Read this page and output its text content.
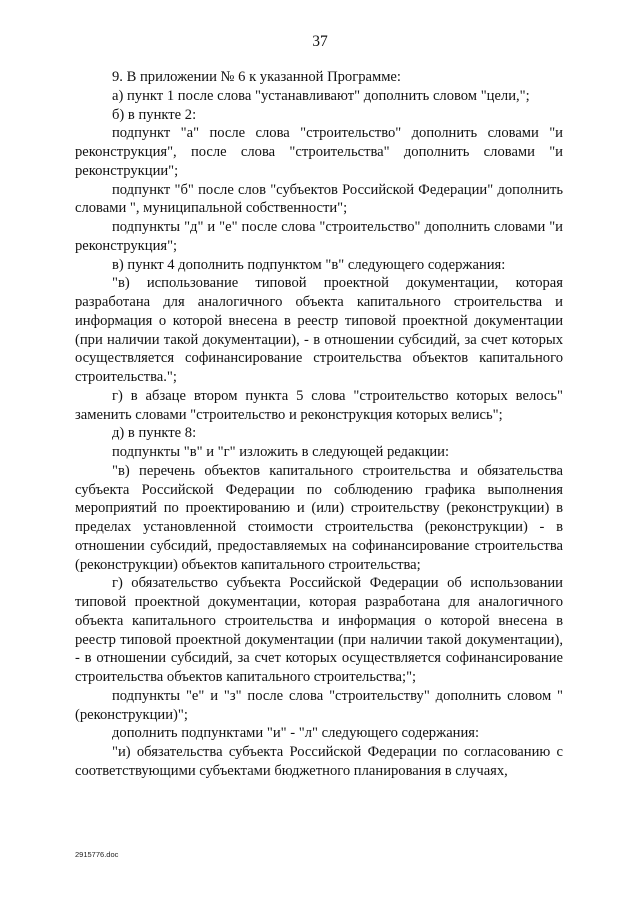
37

9. В приложении № 6 к указанной Программе:

а) пункт 1 после слова "устанавливают" дополнить словом "цели,";

б) в пункте 2:

подпункт "а" после слова "строительство" дополнить словами "и реконструкция", после слова "строительства" дополнить словами "и реконструкции";

подпункт "б" после слов "субъектов Российской Федерации" дополнить словами ", муниципальной собственности";

подпункты "д" и "е" после слова "строительство" дополнить словами "и реконструкция";

в) пункт 4 дополнить подпунктом "в" следующего содержания:

"в) использование типовой проектной документации, которая разработана для аналогичного объекта капитального строительства и информация о которой внесена в реестр типовой проектной документации (при наличии такой документации), - в отношении субсидий, за счет которых осуществляется софинансирование строительства объектов капитального строительства.";

г) в абзаце втором пункта 5 слова "строительство которых велось" заменить словами "строительство и реконструкция которых велись";

д) в пункте 8:

подпункты "в" и "г" изложить в следующей редакции:

"в) перечень объектов капитального строительства и обязательства субъекта Российской Федерации по соблюдению графика выполнения мероприятий по проектированию и (или) строительству (реконструкции) в пределах установленной стоимости строительства (реконструкции) - в отношении субсидий, предоставляемых на софинансирование строительства (реконструкции) объектов капитального строительства;

г) обязательство субъекта Российской Федерации об использовании типовой проектной документации, которая разработана для аналогичного объекта капитального строительства и информация о которой внесена в реестр типовой проектной документации (при наличии такой документации), - в отношении субсидий, за счет которых осуществляется софинансирование строительства объектов капитального строительства;";

подпункты "е" и "з" после слова "строительству" дополнить словом "(реконструкции)";

дополнить подпунктами "и" - "л" следующего содержания:

"и) обязательства субъекта Российской Федерации по согласованию с соответствующими субъектами бюджетного планирования в случаях,

2915776.doc
